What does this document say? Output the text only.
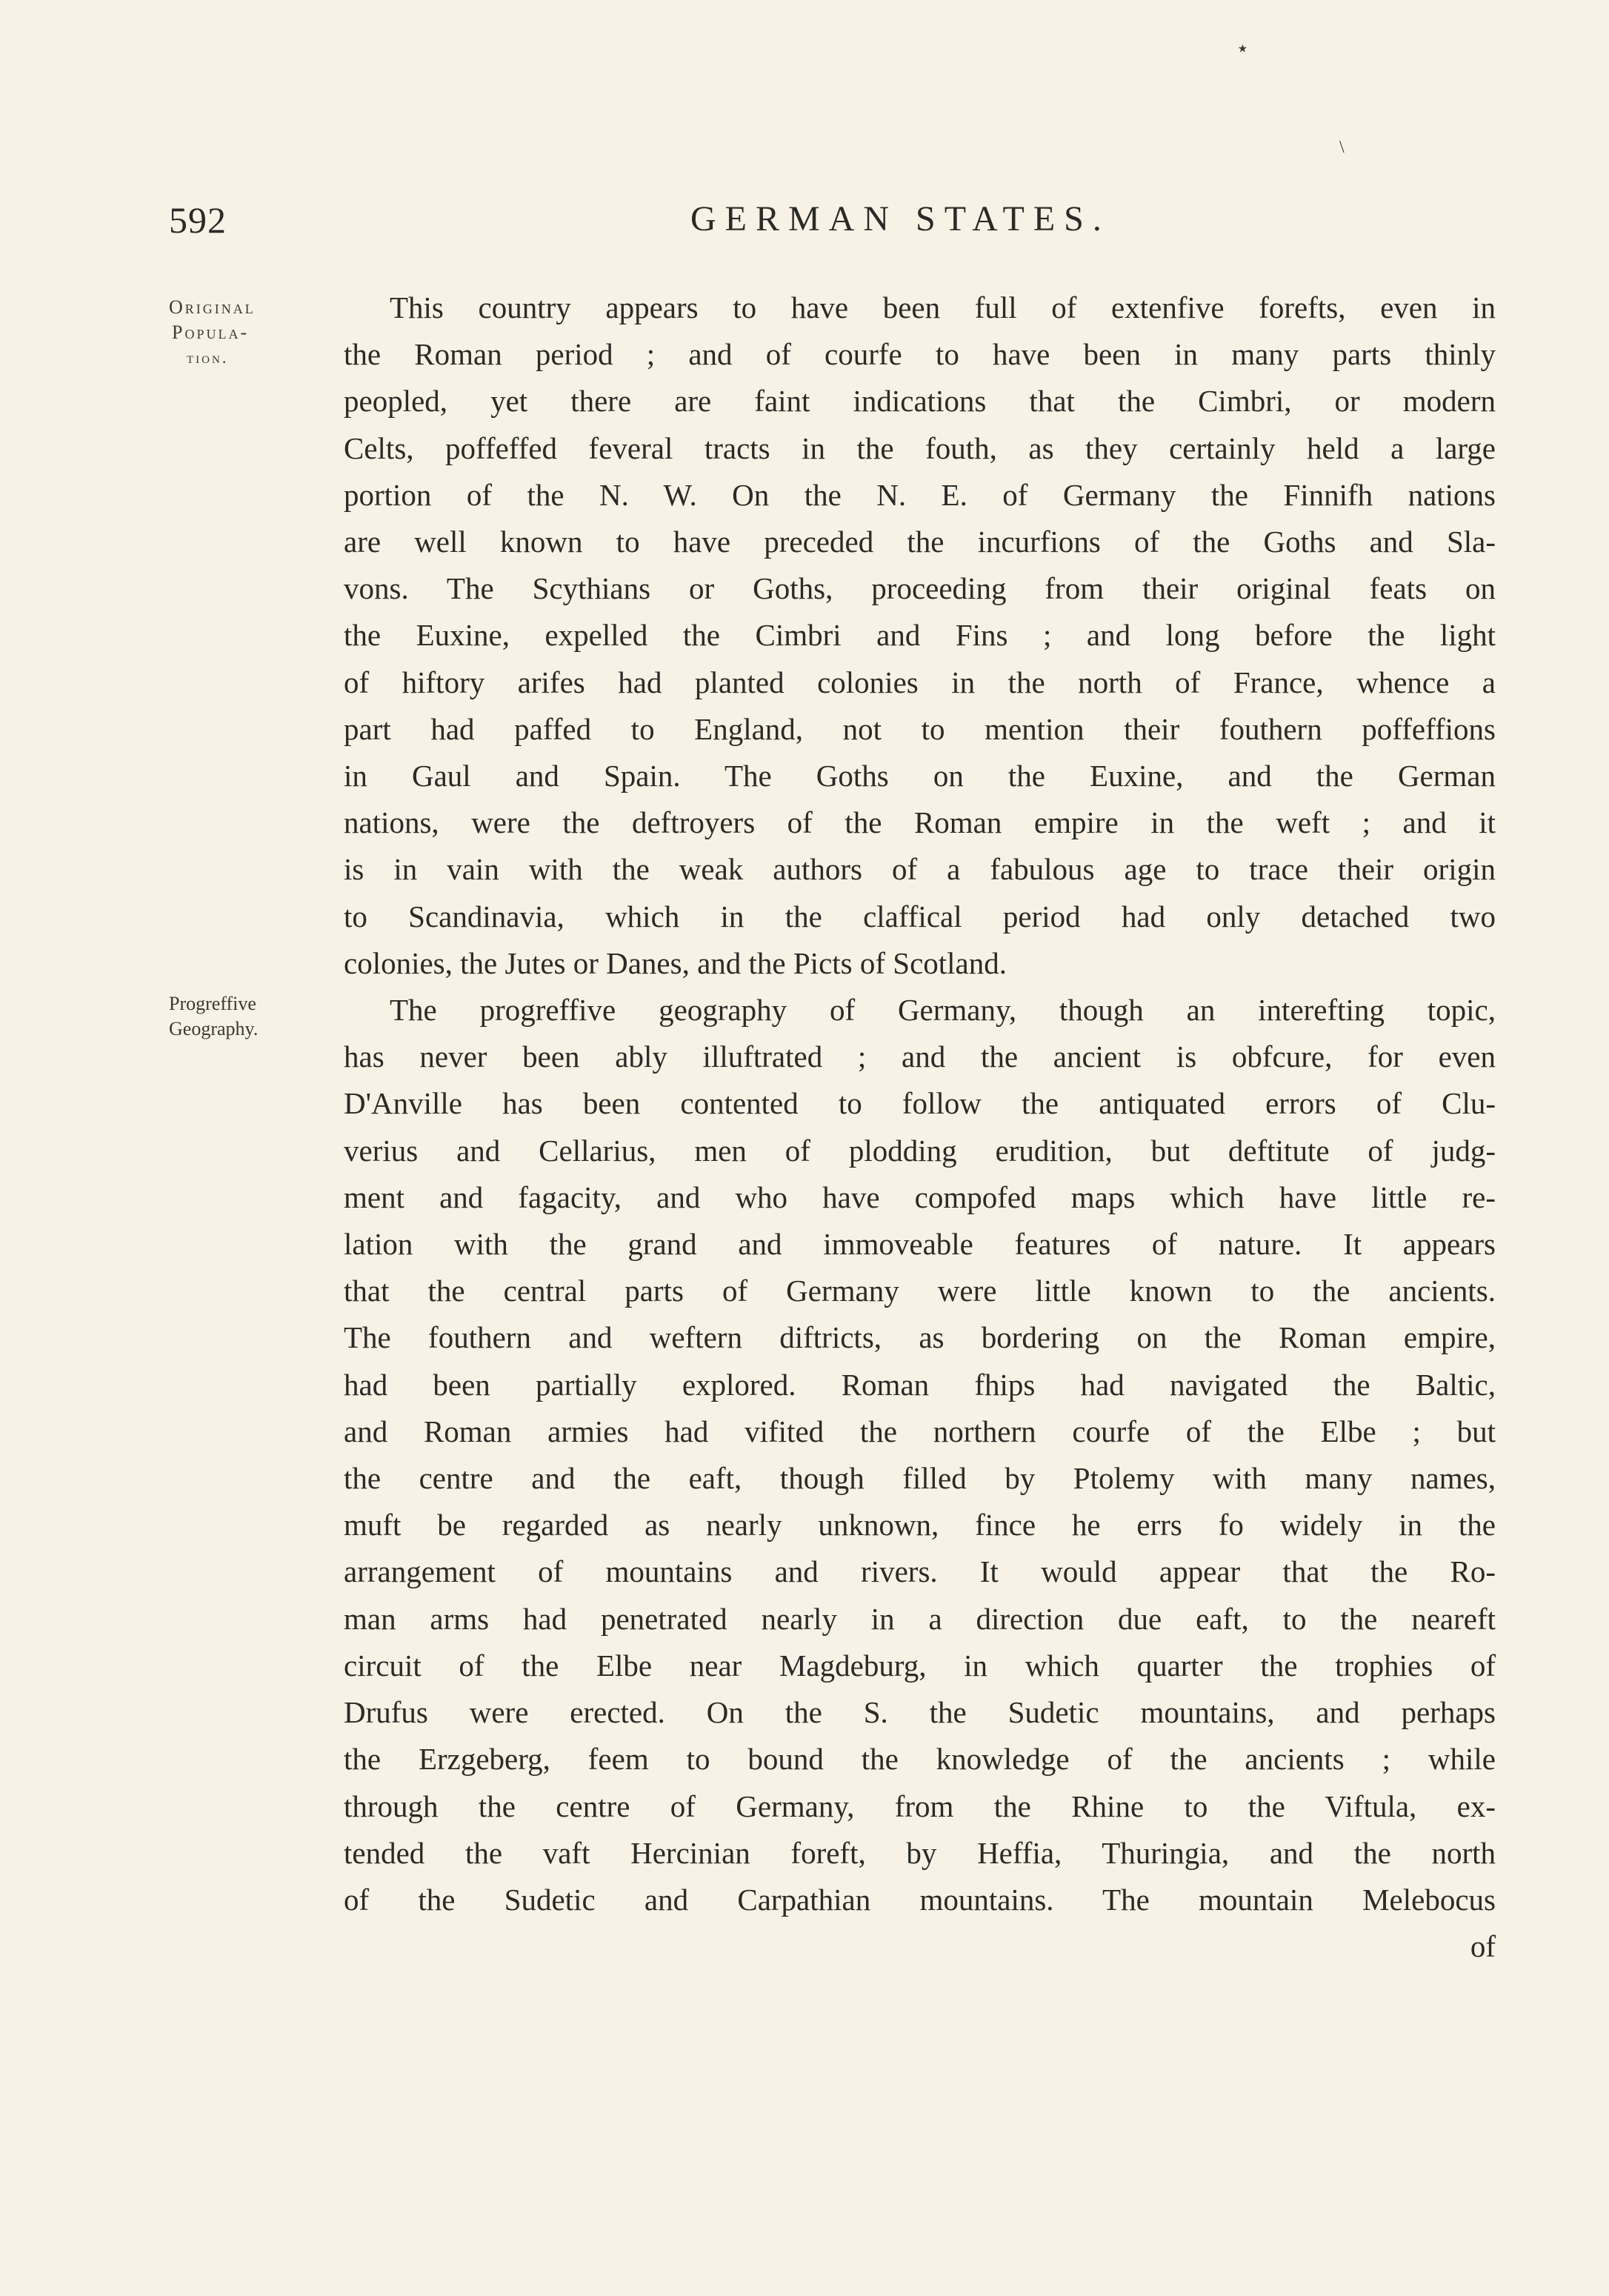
⋆
\
592	GERMAN STATES.
Original
Popula-
tion.
Progreffive
Geography.
This country appears to have been full of extenfive forefts, even in
the Roman period ; and of courfe to have been in many parts thinly
peopled, yet there are faint indications that the Cimbri, or modern
Celts, poffeffed feveral tracts in the fouth, as they certainly held a large
portion of the N. W. On the N. E. of Germany the Finnifh nations
are well known to have preceded the incurfions of the Goths and Sla-
vons. The Scythians or Goths, proceeding from their original feats on
the Euxine, expelled the Cimbri and Fins ; and long before the light
of hiftory arifes had planted colonies in the north of France, whence a
part had paffed to England, not to mention their fouthern poffeffions
in Gaul and Spain. The Goths on the Euxine, and the German
nations, were the deftroyers of the Roman empire in the weft ; and it
is in vain with the weak authors of a fabulous age to trace their origin
to Scandinavia, which in the claffical period had only detached two
colonies, the Jutes or Danes, and the Picts of Scotland.
The progreffive geography of Germany, though an interefting topic,
has never been ably illuftrated ; and the ancient is obfcure, for even
D'Anville has been contented to follow the antiquated errors of Clu-
verius and Cellarius, men of plodding erudition, but deftitute of judg-
ment and fagacity, and who have compofed maps which have little re-
lation with the grand and immoveable features of nature. It appears
that the central parts of Germany were little known to the ancients.
The fouthern and weftern diftricts, as bordering on the Roman empire,
had been partially explored. Roman fhips had navigated the Baltic,
and Roman armies had vifited the northern courfe of the Elbe ; but
the centre and the eaft, though filled by Ptolemy with many names,
muft be regarded as nearly unknown, fince he errs fo widely in the
arrangement of mountains and rivers. It would appear that the Ro-
man arms had penetrated nearly in a direction due eaft, to the neareft
circuit of the Elbe near Magdeburg, in which quarter the trophies of
Drufus were erected. On the S. the Sudetic mountains, and perhaps
the Erzgeberg, feem to bound the knowledge of the ancients ; while
through the centre of Germany, from the Rhine to the Viftula, ex-
tended the vaft Hercinian foreft, by Heffia, Thuringia, and the north
of the Sudetic and Carpathian mountains. The mountain Melebocus
of
